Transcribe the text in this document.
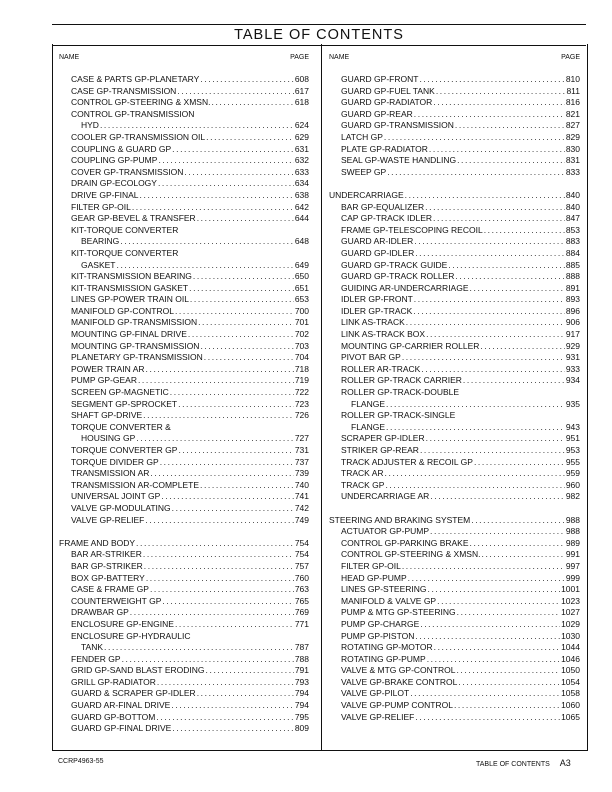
TABLE OF CONTENTS
NAME	PAGE
CASE & PARTS GP-PLANETARY .....	608
CASE GP-TRANSMISSION .....	617
CONTROL GP-STEERING & XMSN. .....	618
CONTROL GP-TRANSMISSION
HYD .....	624
COOLER GP-TRANSMISSION OIL .....	629
COUPLING & GUARD GP .....	631
COUPLING GP-PUMP .....	632
COVER GP-TRANSMISSION .....	633
DRAIN GP-ECOLOGY .....	634
DRIVE GP-FINAL .....	638
FILTER GP-OIL .....	642
GEAR GP-BEVEL & TRANSFER .....	644
KIT-TORQUE CONVERTER
BEARING .....	648
KIT-TORQUE CONVERTER
GASKET .....	649
KIT-TRANSMISSION BEARING .....	650
KIT-TRANSMISSION GASKET .....	651
LINES GP-POWER TRAIN OIL .....	653
MANIFOLD GP-CONTROL .....	700
MANIFOLD GP-TRANSMISSION .....	701
MOUNTING GP-FINAL DRIVE .....	702
MOUNTING GP-TRANSMISSION .....	703
PLANETARY GP-TRANSMISSION .....	704
POWER TRAIN AR .....	718
PUMP GP-GEAR .....	719
SCREEN GP-MAGNETIC .....	722
SEGMENT GP-SPROCKET .....	723
SHAFT GP-DRIVE .....	726
TORQUE CONVERTER &
HOUSING GP .....	727
TORQUE CONVERTER GP .....	731
TORQUE DIVIDER GP .....	737
TRANSMISSION AR .....	739
TRANSMISSION AR-COMPLETE .....	740
UNIVERSAL JOINT GP .....	741
VALVE GP-MODULATING .....	742
VALVE GP-RELIEF .....	749
FRAME AND BODY .....	754
BAR AR-STRIKER .....	754
BAR GP-STRIKER .....	757
BOX GP-BATTERY .....	760
CASE & FRAME GP .....	763
COUNTERWEIGHT GP .....	765
DRAWBAR GP .....	769
ENCLOSURE GP-ENGINE .....	771
ENCLOSURE GP-HYDRAULIC
TANK .....	787
FENDER GP .....	788
GRID GP-SAND BLAST ERODING .....	791
GRILL GP-RADIATOR .....	793
GUARD & SCRAPER GP-IDLER .....	794
GUARD AR-FINAL DRIVE .....	794
GUARD GP-BOTTOM .....	795
GUARD GP-FINAL DRIVE .....	809
NAME	PAGE
GUARD GP-FRONT .....	810
GUARD GP-FUEL TANK .....	811
GUARD GP-RADIATOR .....	816
GUARD GP-REAR .....	821
GUARD GP-TRANSMISSION .....	827
LATCH GP .....	829
PLATE GP-RADIATOR .....	830
SEAL GP-WASTE HANDLING .....	831
SWEEP GP .....	833
UNDERCARRIAGE .....	840
BAR GP-EQUALIZER .....	840
CAP GP-TRACK IDLER .....	847
FRAME GP-TELESCOPING RECOIL .....	853
GUARD AR-IDLER .....	883
GUARD GP-IDLER .....	884
GUARD GP-TRACK GUIDE .....	885
GUARD GP-TRACK ROLLER .....	888
GUIDING AR-UNDERCARRIAGE .....	891
IDLER GP-FRONT .....	893
IDLER GP-TRACK .....	896
LINK AS-TRACK .....	906
LINK AS-TRACK BOX .....	917
MOUNTING GP-CARRIER ROLLER .....	929
PIVOT BAR GP .....	931
ROLLER AR-TRACK .....	933
ROLLER GP-TRACK CARRIER .....	934
ROLLER GP-TRACK-DOUBLE
FLANGE .....	935
ROLLER GP-TRACK-SINGLE
FLANGE .....	943
SCRAPER GP-IDLER .....	951
STRIKER GP-REAR .....	953
TRACK ADJUSTER & RECOIL GP .....	955
TRACK AR .....	959
TRACK GP .....	960
UNDERCARRIAGE AR .....	982
STEERING AND BRAKING SYSTEM .....	988
ACTUATOR GP-PUMP .....	988
CONTROL GP-PARKING BRAKE .....	989
CONTROL GP-STEERING & XMSN. .....	991
FILTER GP-OIL .....	997
HEAD GP-PUMP .....	999
LINES GP-STEERING .....	1001
MANIFOLD & VALVE GP .....	1023
PUMP & MTG GP-STEERING .....	1027
PUMP GP-CHARGE .....	1029
PUMP GP-PISTON .....	1030
ROTATING GP-MOTOR .....	1044
ROTATING GP-PUMP .....	1046
VALVE & MTG GP-CONTROL .....	1050
VALVE GP-BRAKE CONTROL .....	1054
VALVE GP-PILOT .....	1058
VALVE GP-PUMP CONTROL .....	1060
VALVE GP-RELIEF .....	1065
CCRP4963-55	TABLE OF CONTENTS A3
